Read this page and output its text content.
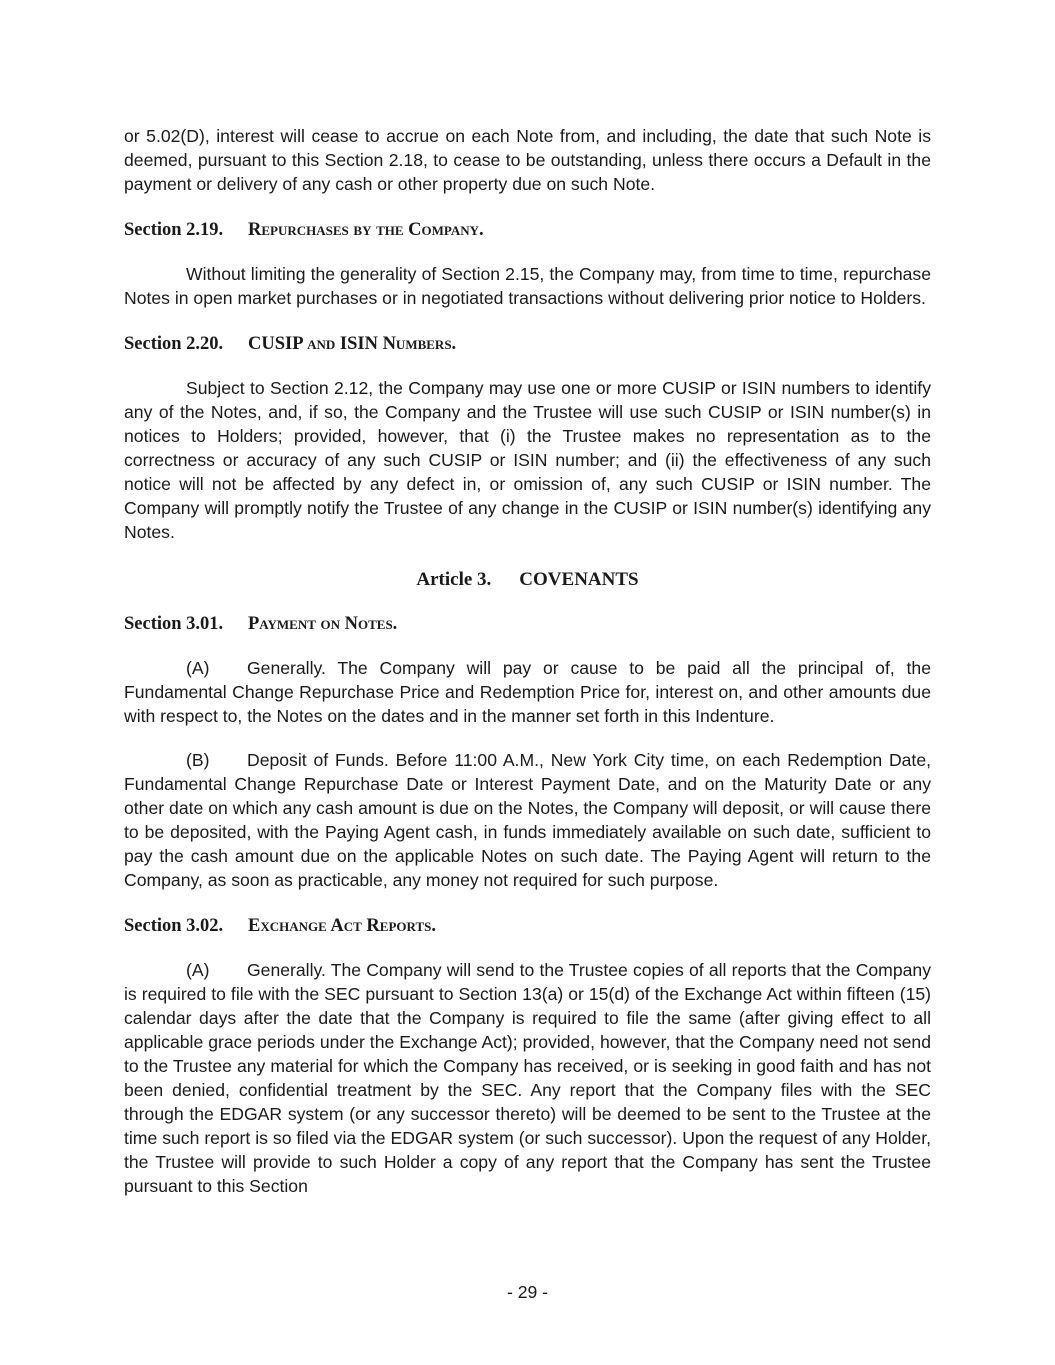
or 5.02(D), interest will cease to accrue on each Note from, and including, the date that such Note is deemed, pursuant to this Section 2.18, to cease to be outstanding, unless there occurs a Default in the payment or delivery of any cash or other property due on such Note.

Section 2.19. Repurchases by the Company.

Without limiting the generality of Section 2.15, the Company may, from time to time, repurchase Notes in open market purchases or in negotiated transactions without delivering prior notice to Holders.

Section 2.20. CUSIP and ISIN Numbers.

Subject to Section 2.12, the Company may use one or more CUSIP or ISIN numbers to identify any of the Notes, and, if so, the Company and the Trustee will use such CUSIP or ISIN number(s) in notices to Holders; provided, however, that (i) the Trustee makes no representation as to the correctness or accuracy of any such CUSIP or ISIN number; and (ii) the effectiveness of any such notice will not be affected by any defect in, or omission of, any such CUSIP or ISIN number. The Company will promptly notify the Trustee of any change in the CUSIP or ISIN number(s) identifying any Notes.

Article 3. COVENANTS

Section 3.01. Payment on Notes.

(A) Generally. The Company will pay or cause to be paid all the principal of, the Fundamental Change Repurchase Price and Redemption Price for, interest on, and other amounts due with respect to, the Notes on the dates and in the manner set forth in this Indenture.

(B) Deposit of Funds. Before 11:00 A.M., New York City time, on each Redemption Date, Fundamental Change Repurchase Date or Interest Payment Date, and on the Maturity Date or any other date on which any cash amount is due on the Notes, the Company will deposit, or will cause there to be deposited, with the Paying Agent cash, in funds immediately available on such date, sufficient to pay the cash amount due on the applicable Notes on such date. The Paying Agent will return to the Company, as soon as practicable, any money not required for such purpose.

Section 3.02. Exchange Act Reports.

(A) Generally. The Company will send to the Trustee copies of all reports that the Company is required to file with the SEC pursuant to Section 13(a) or 15(d) of the Exchange Act within fifteen (15) calendar days after the date that the Company is required to file the same (after giving effect to all applicable grace periods under the Exchange Act); provided, however, that the Company need not send to the Trustee any material for which the Company has received, or is seeking in good faith and has not been denied, confidential treatment by the SEC. Any report that the Company files with the SEC through the EDGAR system (or any successor thereto) will be deemed to be sent to the Trustee at the time such report is so filed via the EDGAR system (or such successor). Upon the request of any Holder, the Trustee will provide to such Holder a copy of any report that the Company has sent the Trustee pursuant to this Section

- 29 -
